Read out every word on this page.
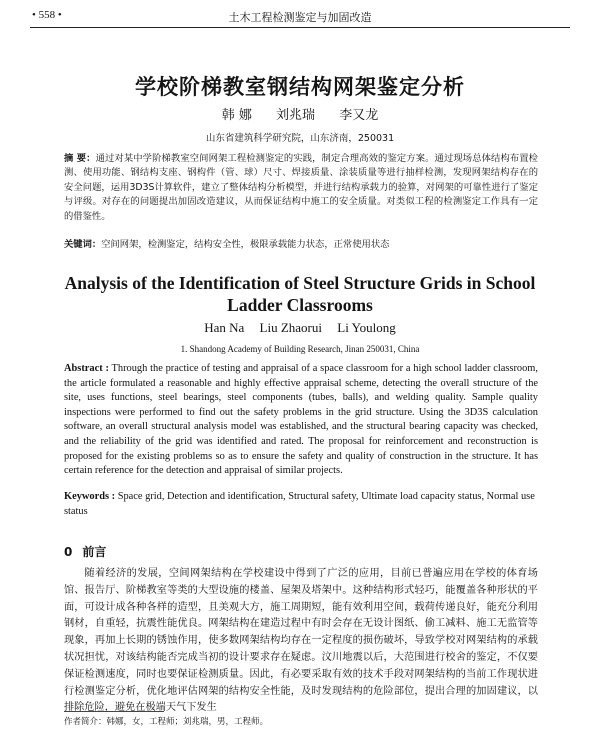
• 558 •	土木工程检测鉴定与加固改造
学校阶梯教室钢结构网架鉴定分析
韩 娜 刘兆瑞 李又龙
山东省建筑科学研究院，山东济南，250031
摘 要：通过对某中学阶梯教室空间网架工程检测鉴定的实践，制定合理高效的鉴定方案。通过现场总体结构布置检测、使用功能、钢结构支座、钢构件（管、球）尺寸、焊接质量、涂装质量等进行抽样检测，发现网架结构存在的安全问题，运用3D3S计算软件，建立了整体结构分析模型，并进行结构承载力的验算，对网架的可靠性进行了鉴定与评级。对存在的问题提出加固改造建议，从而保证结构中施工的安全质量。对类似工程的检测鉴定工作具有一定的借鉴性。
关键词：空间网架，检测鉴定，结构安全性，极限承载能力状态，正常使用状态
Analysis of the Identification of Steel Structure Grids in School Ladder Classrooms
Han Na Liu Zhaorui Li Youlong
1. Shandong Academy of Building Research, Jinan 250031, China
Abstract : Through the practice of testing and appraisal of a space classroom for a high school ladder classroom, the article formulated a reasonable and highly effective appraisal scheme, detecting the overall structure of the site, uses functions, steel bearings, steel components (tubes, balls), and welding quality. Sample quality inspections were performed to find out the safety problems in the grid structure. Using the 3D3S calculation software, an overall structural analysis model was established, and the structural bearing capacity was checked, and the reliability of the grid was identified and rated. The proposal for reinforcement and reconstruction is proposed for the existing problems so as to ensure the safety and quality of construction in the structure. It has certain reference for the detection and appraisal of similar projects.
Keywords : Space grid, Detection and identification, Structural safety, Ultimate load capacity status, Normal use status
0 前言
随着经济的发展，空间网架结构在学校建设中得到了广泛的应用，目前已普遍应用在学校的体育场馆、报告厅、阶梯教室等类的大型设施的楼盖、屋架及塔架中。这种结构形式轻巧，能覆盖各种形状的平面，可设计成各种各样的造型，且美观大方，施工周期短，能有效利用空间，载荷传递良好，能充分利用钢材，自重轻，抗震性能优良。网架结构在建造过程中有时会存在无设计图纸、偷工减料、施工无监管等现象，再加上长期的锈蚀作用，使多数网架结构均存在一定程度的损伤破坏，导致学校对网架结构的承载状况担忧，对该结构能否完成当初的设计要求存在疑虑。汶川地震以后，大范围进行校舍的鉴定，不仅要保证检测速度，同时也要保证检测质量。因此，有必要采取有效的技术手段对网架结构的当前工作现状进行检测鉴定分析，优化地评估网架的结构安全性能，及时发现结构的危险部位，提出合理的加固建议，以排除危险，避免在极端天气下发生
作者简介：韩娜，女，工程师；刘兆瑞，男，工程师。
